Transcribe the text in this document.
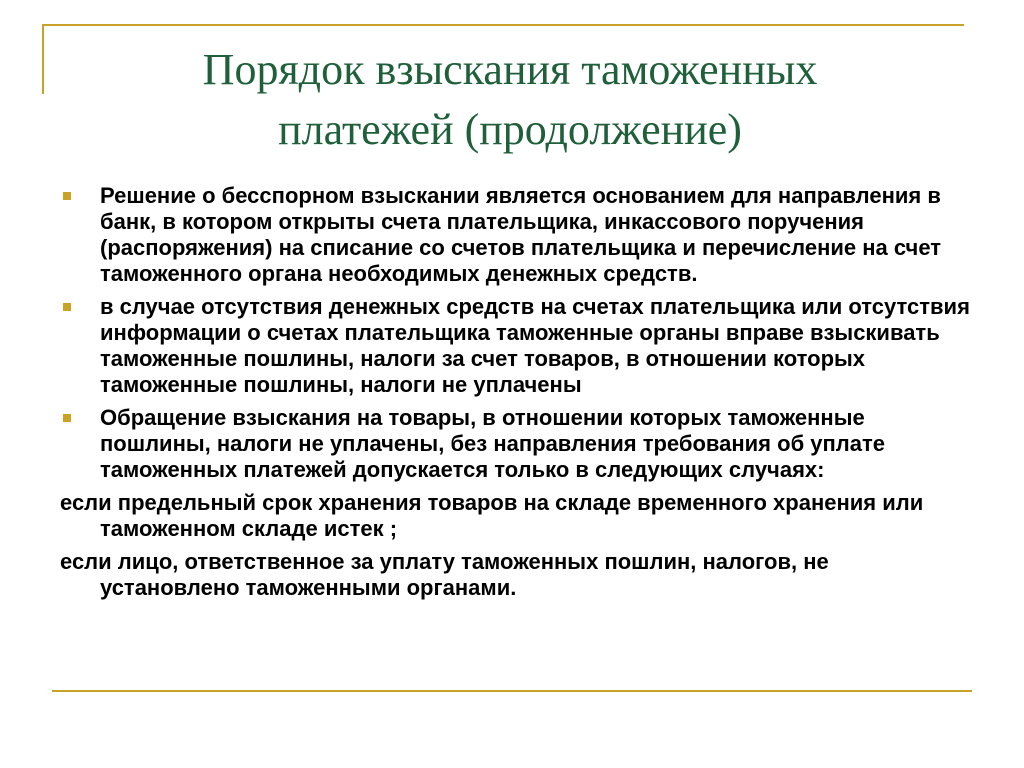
Порядок взыскания таможенных
платежей (продолжение)
Решение о бесспорном взыскании является основанием для направления в банк, в котором открыты счета плательщика, инкассового поручения (распоряжения) на списание со счетов плательщика и перечисление на счет таможенного органа необходимых денежных средств.
в случае отсутствия денежных средств на счетах плательщика или отсутствия информации о счетах плательщика таможенные органы вправе взыскивать таможенные пошлины, налоги за счет товаров, в отношении которых таможенные пошлины, налоги не уплачены
Обращение взыскания на товары, в отношении которых таможенные пошлины, налоги не уплачены, без направления требования об уплате таможенных платежей допускается только в следующих случаях:
если предельный срок хранения товаров на складе временного хранения или таможенном складе истек ;
если лицо, ответственное за уплату таможенных пошлин, налогов, не установлено таможенными органами.
